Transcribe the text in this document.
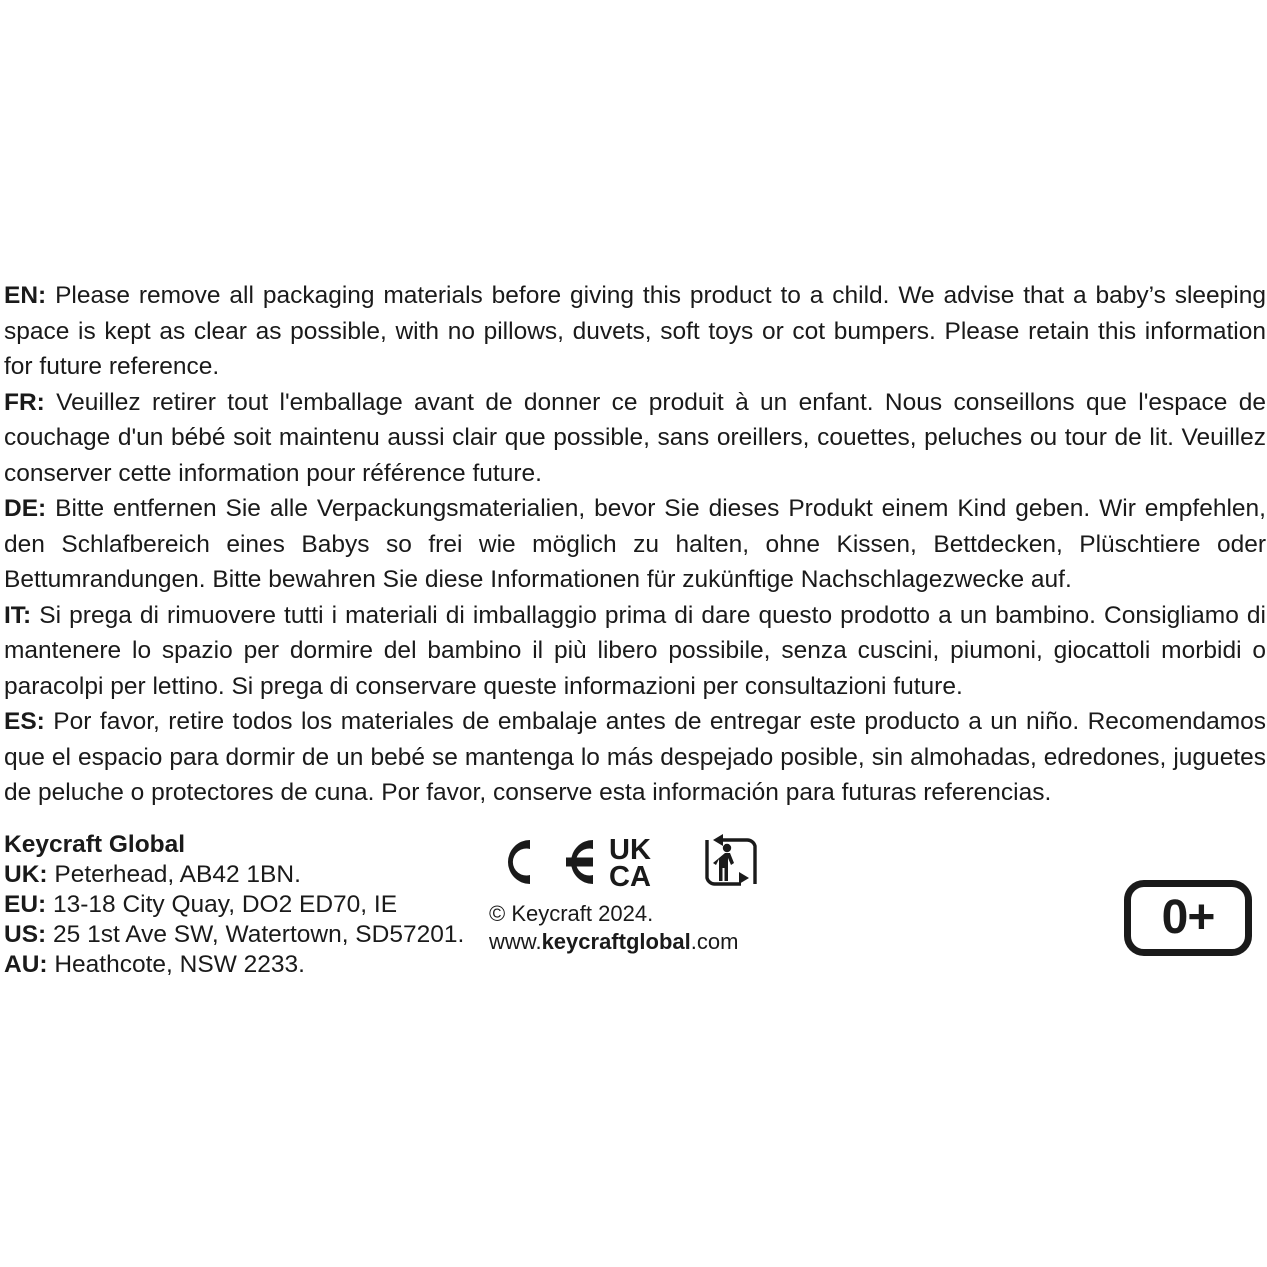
EN: Please remove all packaging materials before giving this product to a child. We advise that a baby’s sleeping space is kept as clear as possible, with no pillows, duvets, soft toys or cot bumpers. Please retain this information for future reference.

FR: Veuillez retirer tout l'emballage avant de donner ce produit à un enfant. Nous conseillons que l'espace de couchage d'un bébé soit maintenu aussi clair que possible, sans oreillers, couettes, peluches ou tour de lit. Veuillez conserver cette information pour référence future.

DE: Bitte entfernen Sie alle Verpackungsmaterialien, bevor Sie dieses Produkt einem Kind geben. Wir empfehlen, den Schlafbereich eines Babys so frei wie möglich zu halten, ohne Kissen, Bettdecken, Plüschtiere oder Bettumrandungen. Bitte bewahren Sie diese Informationen für zukünftige Nachschlagezwecke auf.

IT: Si prega di rimuovere tutti i materiali di imballaggio prima di dare questo prodotto a un bambino. Consigliamo di mantenere lo spazio per dormire del bambino il più libero possibile, senza cuscini, piumoni, giocattoli morbidi o paracolpi per lettino. Si prega di conservare queste informazioni per consultazioni future.

ES: Por favor, retire todos los materiales de embalaje antes de entregar este producto a un niño. Recomendamos que el espacio para dormir de un bebé se mantenga lo más despejado posible, sin almohadas, edredones, juguetes de peluche o protectores de cuna. Por favor, conserve esta información para futuras referencias.

Keycraft Global
UK: Peterhead, AB42 1BN.
EU: 13-18 City Quay, DO2 ED70, IE
US: 25 1st Ave SW, Watertown, SD57201.
AU: Heathcote, NSW 2233.
UK
CA
© Keycraft 2024.
www.keycraftglobal.com	0+
